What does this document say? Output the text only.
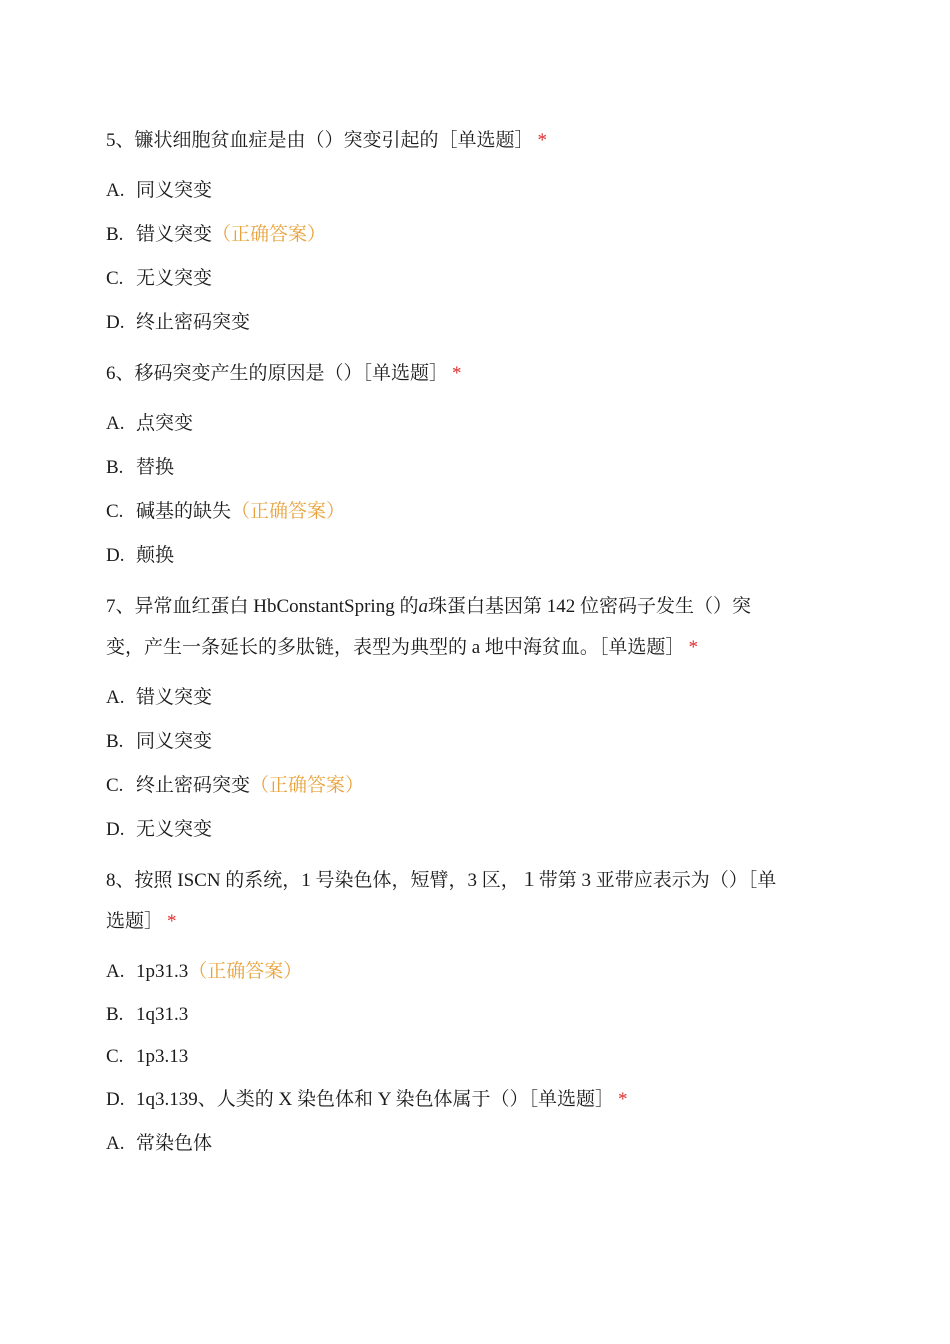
5、镰状细胞贫血症是由（）突变引起的［单选题］ *

A. 同义突变
B. 错义突变（正确答案）
C. 无义突变
D. 终止密码突变

6、移码突变产生的原因是（）［单选题］ *

A. 点突变
B. 替换
C. 碱基的缺失（正确答案）
D. 颠换

7、异常血红蛋白 HbConstantSpring 的a珠蛋白基因第 142 位密码子发生（）突
变，产生一条延长的多肽链，表型为典型的 a 地中海贫血。［单选题］ *

A. 错义突变
B. 同义突变
C. 终止密码突变（正确答案）
D. 无义突变

8、按照 ISCN 的系统，1 号染色体，短臂，3 区，１带第 3 亚带应表示为（）［单
选题］ *

A. 1p31.3（正确答案）
B. 1q31.3
C. 1p3.13
D. 1q3.139、人类的 X 染色体和 Y 染色体属于（）［单选题］ *
A. 常染色体
